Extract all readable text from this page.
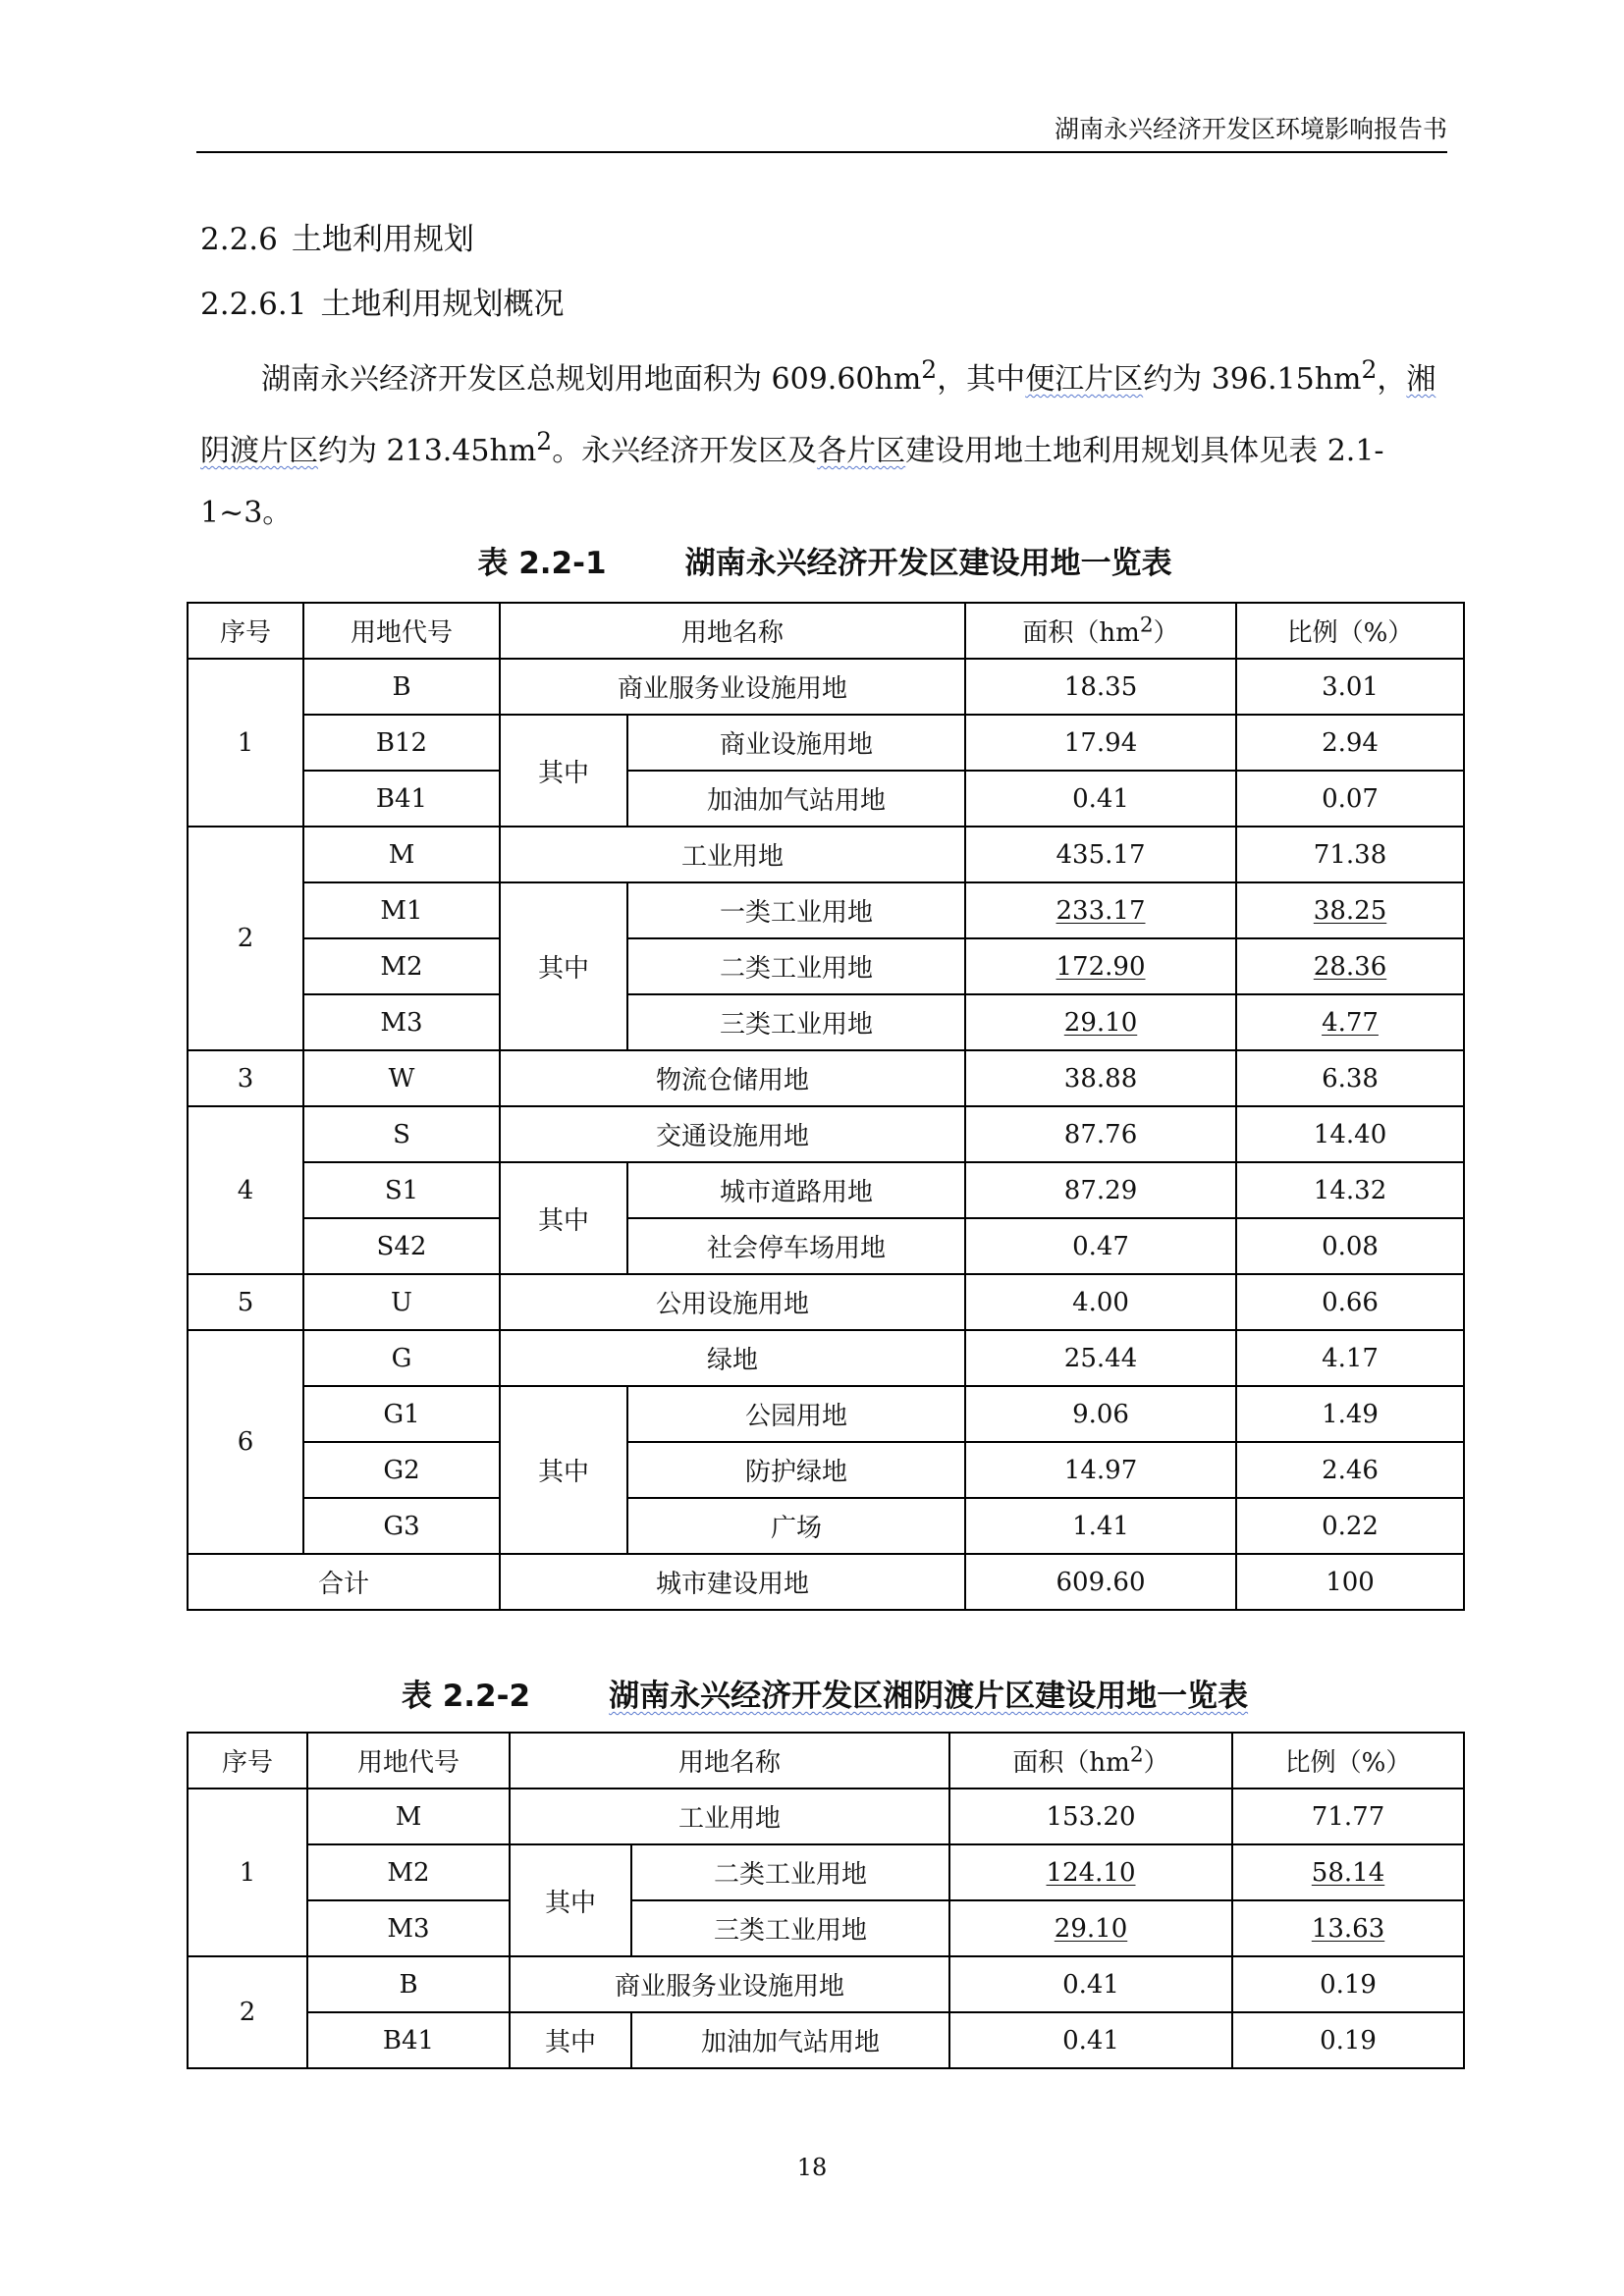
湖南永兴经济开发区环境影响报告书
2.2.6 土地利用规划
2.2.6.1 土地利用规划概况
湖南永兴经济开发区总规划用地面积为 $609.60hm^2$，其中便江片区约为 $396.15hm^2$，湘阴渡片区约为 $213.45hm^2$。永兴经济开发区及各片区建设用地土地利用规划具体见表 2.1-1~3。
表 2.2-1	湖南永兴经济开发区建设用地一览表
序号	用地代号	用地名称		面积$(hm^2)$	比例（%）
1	B	商业服务业设施用地		18.35	3.01
	B12	其中	商业设施用地	17.94	2.94
	B41		加油加气站用地	0.41	0.07
2	M	工业用地		435.17	71.38
	M1	其中	一类工业用地	233.17	38.25
	M2		二类工业用地	172.90	28.36
	M3		三类工业用地	29.10	4.77
3	W	物流仓储用地		38.88	6.38
4	S	交通设施用地		87.76	14.40
	S1	其中	城市道路用地	87.29	14.32
	S42		社会停车场用地	0.47	0.08
5	U	公用设施用地		4.00	0.66
6	G	绿地		25.44	4.17
	G1	其中	公园用地	9.06	1.49
	G2		防护绿地	14.97	2.46
	G3		广场	1.41	0.22
合计		城市建设用地		609.60	100
表 2.2-2	湖南永兴经济开发区湘阴渡片区建设用地一览表
序号	用地代号	用地名称		面积$(hm^2)$	比例（%）
1	M	工业用地		153.20	71.77
	M2	其中	二类工业用地	124.10	58.14
	M3		三类工业用地	29.10	13.63
2	B	商业服务业设施用地		0.41	0.19
	B41	其中	加油加气站用地	0.41	0.19
18
